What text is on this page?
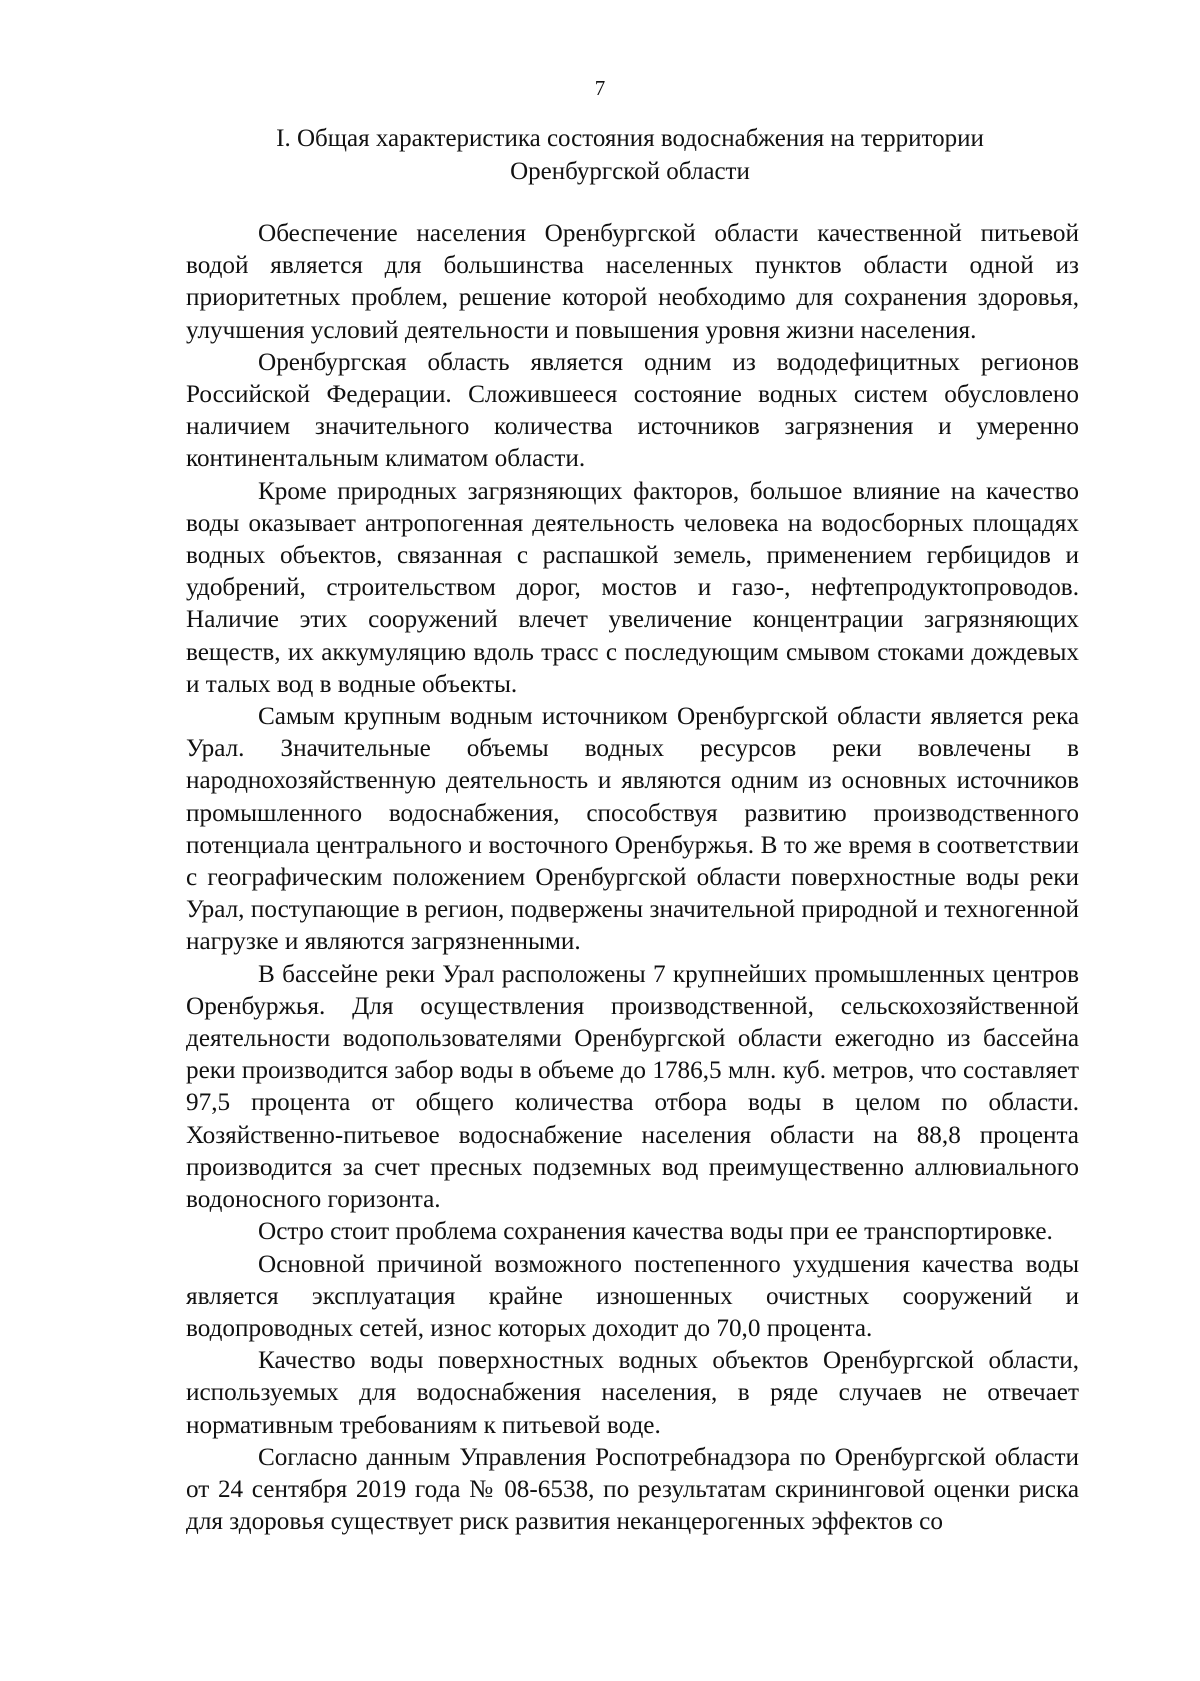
7
I. Общая характеристика состояния водоснабжения на территории
Оренбургской области

Обеспечение населения Оренбургской области качественной питьевой водой является для большинства населенных пунктов области одной из приоритетных проблем, решение которой необходимо для сохранения здоровья, улучшения условий деятельности и повышения уровня жизни населения.

Оренбургская область является одним из вододефицитных регионов Российской Федерации. Сложившееся состояние водных систем обусловлено наличием значительного количества источников загрязнения и умеренно континентальным климатом области.

Кроме природных загрязняющих факторов, большое влияние на качество воды оказывает антропогенная деятельность человека на водосборных площадях водных объектов, связанная с распашкой земель, применением гербицидов и удобрений, строительством дорог, мостов и газо-, нефтепродуктопроводов. Наличие этих сооружений влечет увеличение концентрации загрязняющих веществ, их аккумуляцию вдоль трасс с последующим смывом стоками дождевых и талых вод в водные объекты.

Самым крупным водным источником Оренбургской области является река Урал. Значительные объемы водных ресурсов реки вовлечены в народнохозяйственную деятельность и являются одним из основных источников промышленного водоснабжения, способствуя развитию производственного потенциала центрального и восточного Оренбуржья. В то же время в соответствии с географическим положением Оренбургской области поверхностные воды реки Урал, поступающие в регион, подвержены значительной природной и техногенной нагрузке и являются загрязненными.

В бассейне реки Урал расположены 7 крупнейших промышленных центров Оренбуржья. Для осуществления производственной, сельскохозяйственной деятельности водопользователями Оренбургской области ежегодно из бассейна реки производится забор воды в объеме до 1786,5 млн. куб. метров, что составляет 97,5 процента от общего количества отбора воды в целом по области. Хозяйственно-питьевое водоснабжение населения области на 88,8 процента производится за счет пресных подземных вод преимущественно аллювиального водоносного горизонта.

Остро стоит проблема сохранения качества воды при ее транспортировке.

Основной причиной возможного постепенного ухудшения качества воды является эксплуатация крайне изношенных очистных сооружений и водопроводных сетей, износ которых доходит до 70,0 процента.

Качество воды поверхностных водных объектов Оренбургской области, используемых для водоснабжения населения, в ряде случаев не отвечает нормативным требованиям к питьевой воде.

Согласно данным Управления Роспотребнадзора по Оренбургской области от 24 сентября 2019 года № 08-6538, по результатам скрининговой оценки риска для здоровья существует риск развития неканцерогенных эффектов со
